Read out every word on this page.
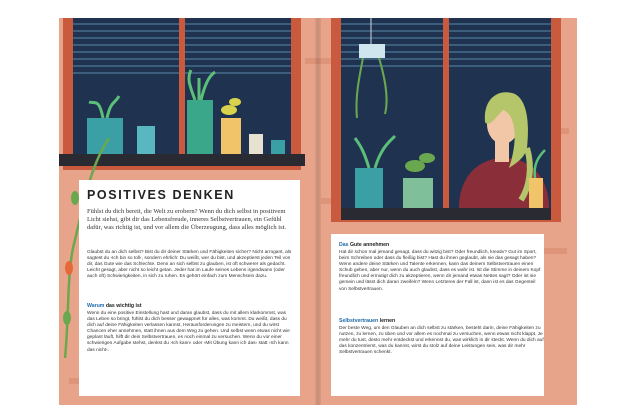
POSITIVES DENKEN

Fühlst du dich bereit, die Welt zu erobern? Wenn du dich selbst in positivem Licht siehst, gibt dir das Lebensfreude, inneres Selbstvertrauen, ein Gefühl dafür, was richtig ist, und vor allem die Überzeugung, dass alles möglich ist.

Glaubst du an dich selbst? Bist du dir deiner Stärken und Fähigkeiten sicher? Nicht arrogant, als sagtest du ›Ich bin so toll‹, sondern ehrlich: Du weißt, wer du bist, und akzeptierst jeden Teil von dir, das Gute wie das Schlechte. Denn an sich selbst zu glauben, ist oft schwerer als gedacht. Leicht gesagt, aber nicht so leicht getan. Jeder hat im Laufe seines Lebens irgendwann (oder auch oft) Schwierigkeiten, in sich zu ruhen. Es gehört einfach zum Menschsein dazu.

Warum das wichtig ist

Wenn du eine positive Einstellung hast und daran glaubst, dass du mit allem klarkommst, was das Leben so bringt, fühlst du dich besser gewappnet für alles, was kommt. Du weißt, dass du dich auf deine Fähigkeiten verlassen kannst, Herausforderungen zu meistern, und du wirst Chancen eher annehmen, statt ihnen aus dem Weg zu gehen. Und selbst wenn etwas nicht wie geplant läuft, hilft dir dein Selbstvertrauen, es noch einmal zu versuchen. Wenn du vor einer schwierigen Aufgabe stehst, denkst du ›Ich kann‹ oder ›Mit Übung kann ich das‹ statt ›Ich kann das nicht‹.

Das Gute annehmen

Hat dir schon mal jemand gesagt, dass du witzig bist? Oder freundlich, kreativ? Gut im Sport, beim Schreiben oder dass du fleißig bist? Hast du ihnen geglaubt, als sie das gesagt haben? Wenn andere deine Stärken und Talente erkennen, kann das deinem Selbstvertrauen einen Schub geben, aber nur, wenn du auch glaubst, dass es wahr ist. Ist die Stimme in deinem Kopf freundlich und ermutigt dich zu akzeptieren, wenn dir jemand etwas Nettes sagt? Oder ist sie gemein und lässt dich daran zweifeln? Wenn Letzteres der Fall ist, dann ist es das Gegenteil von Selbstvertrauen.

Selbstvertrauen lernen

Der beste Weg, um den Glauben an dich selbst zu stärken, besteht darin, deine Fähigkeiten zu nutzen, zu lernen, zu üben und vor allem es nochmal zu versuchen, wenn etwas nicht klappt. Je mehr du tust, desto mehr entdeckst und erkennst du, was wirklich in dir steckt. Wenn du dich auf das konzentrierst, was du kannst, wirst du stolz auf deine Leistungen sein, was dir mehr Selbstvertrauen schenkt.
